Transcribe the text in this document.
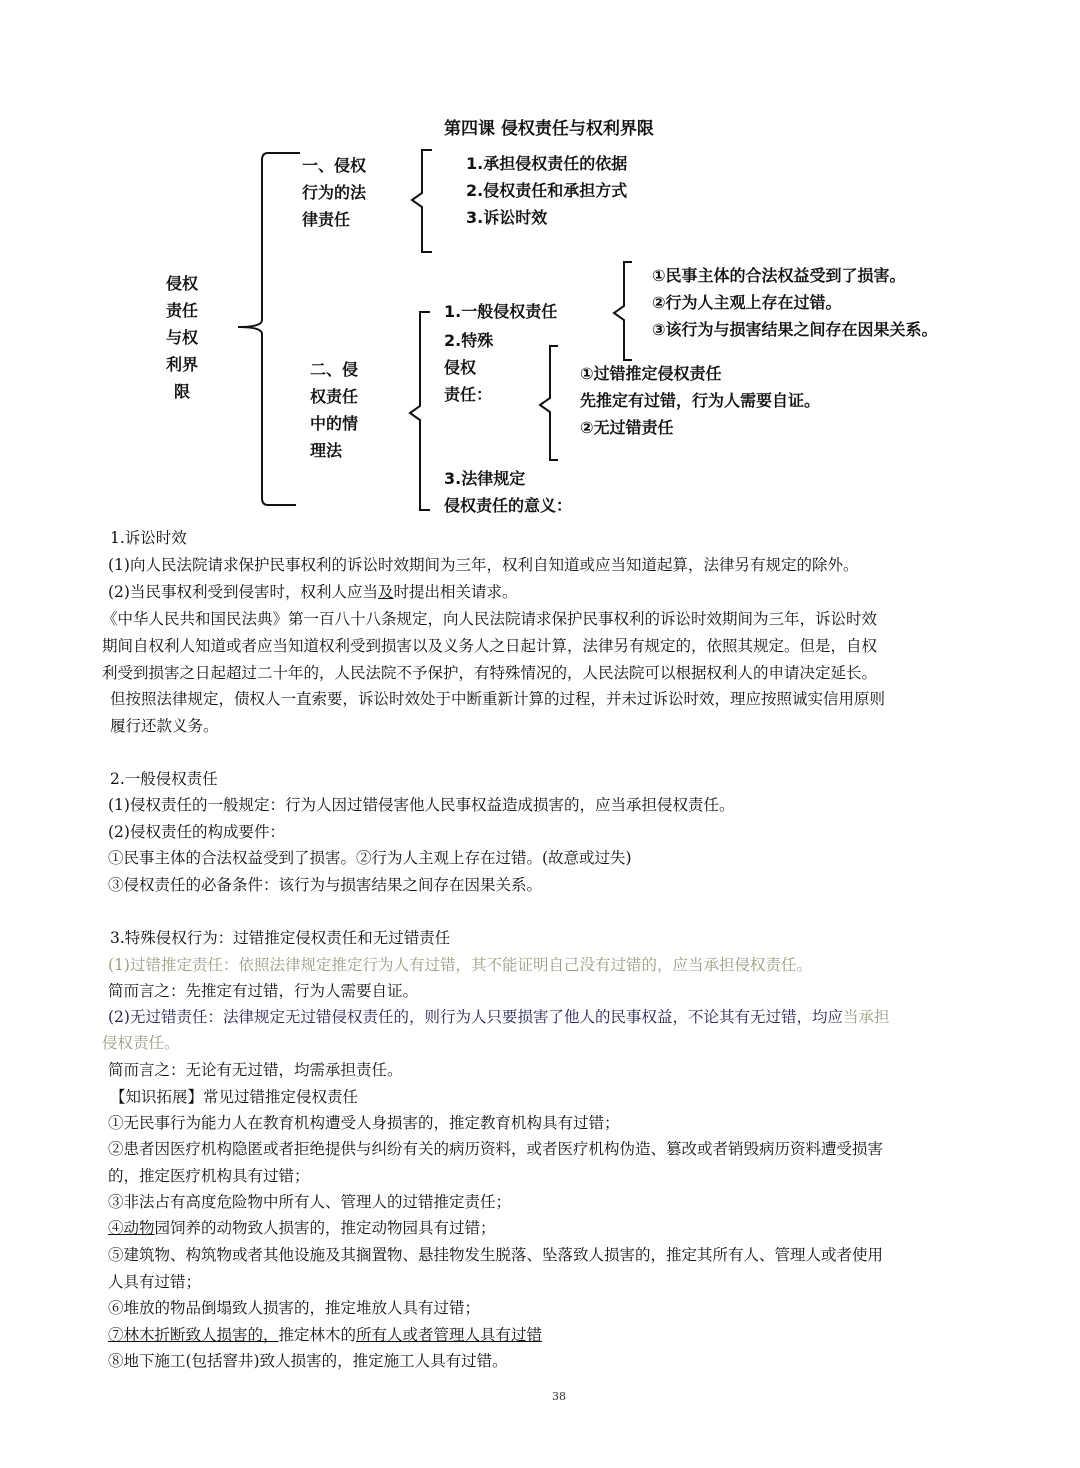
第四课 侵权责任与权利界限
侵权
责任
与权
利界
限
一、侵权
行为的法
律责任
1.承担侵权责任的依据
2.侵权责任和承担方式
3.诉讼时效
二、侵
权责任
中的情
理法
1.一般侵权责任
①民事主体的合法权益受到了损害。
②行为人主观上存在过错。
③该行为与损害结果之间存在因果关系。
2.特殊
侵权
责任：
①过错推定侵权责任
先推定有过错，行为人需要自证。
②无过错责任
3.法律规定
侵权责任的意义：
1.诉讼时效
(1)向人民法院请求保护民事权利的诉讼时效期间为三年，权利自知道或应当知道起算，法律另有规定的除外。
(2)当民事权利受到侵害时，权利人应当及时提出相关请求。
《中华人民共和国民法典》第一百八十八条规定，向人民法院请求保护民事权利的诉讼时效期间为三年，诉讼时效
期间自权利人知道或者应当知道权利受到损害以及义务人之日起计算，法律另有规定的，依照其规定。但是，自权
利受到损害之日起超过二十年的，人民法院不予保护，有特殊情况的，人民法院可以根据权利人的申请决定延长。
但按照法律规定，债权人一直索要，诉讼时效处于中断重新计算的过程，并未过诉讼时效，理应按照诚实信用原则
履行还款义务。
2.一般侵权责任
(1)侵权责任的一般规定：行为人因过错侵害他人民事权益造成损害的，应当承担侵权责任。
(2)侵权责任的构成要件：
①民事主体的合法权益受到了损害。②行为人主观上存在过错。(故意或过失)
③侵权责任的必备条件：该行为与损害结果之间存在因果关系。
3.特殊侵权行为：过错推定侵权责任和无过错责任
(1)过错推定责任：依照法律规定推定行为人有过错，其不能证明自己没有过错的，应当承担侵权责任。
简而言之：先推定有过错，行为人需要自证。
(2)无过错责任：法律规定无过错侵权责任的，则行为人只要损害了他人的民事权益，不论其有无过错，均应当承担
侵权责任。
简而言之：无论有无过错，均需承担责任。
【知识拓展】常见过错推定侵权责任
①无民事行为能力人在教育机构遭受人身损害的，推定教育机构具有过错；
②患者因医疗机构隐匿或者拒绝提供与纠纷有关的病历资料，或者医疗机构伪造、篡改或者销毁病历资料遭受损害
的，推定医疗机构具有过错；
③非法占有高度危险物中所有人、管理人的过错推定责任；
④动物园饲养的动物致人损害的，推定动物园具有过错；
⑤建筑物、构筑物或者其他设施及其搁置物、悬挂物发生脱落、坠落致人损害的，推定其所有人、管理人或者使用
人具有过错；
⑥堆放的物品倒塌致人损害的，推定堆放人具有过错；
⑦林木折断致人损害的，推定林木的所有人或者管理人具有过错
⑧地下施工(包括窨井)致人损害的，推定施工人具有过错。
38
